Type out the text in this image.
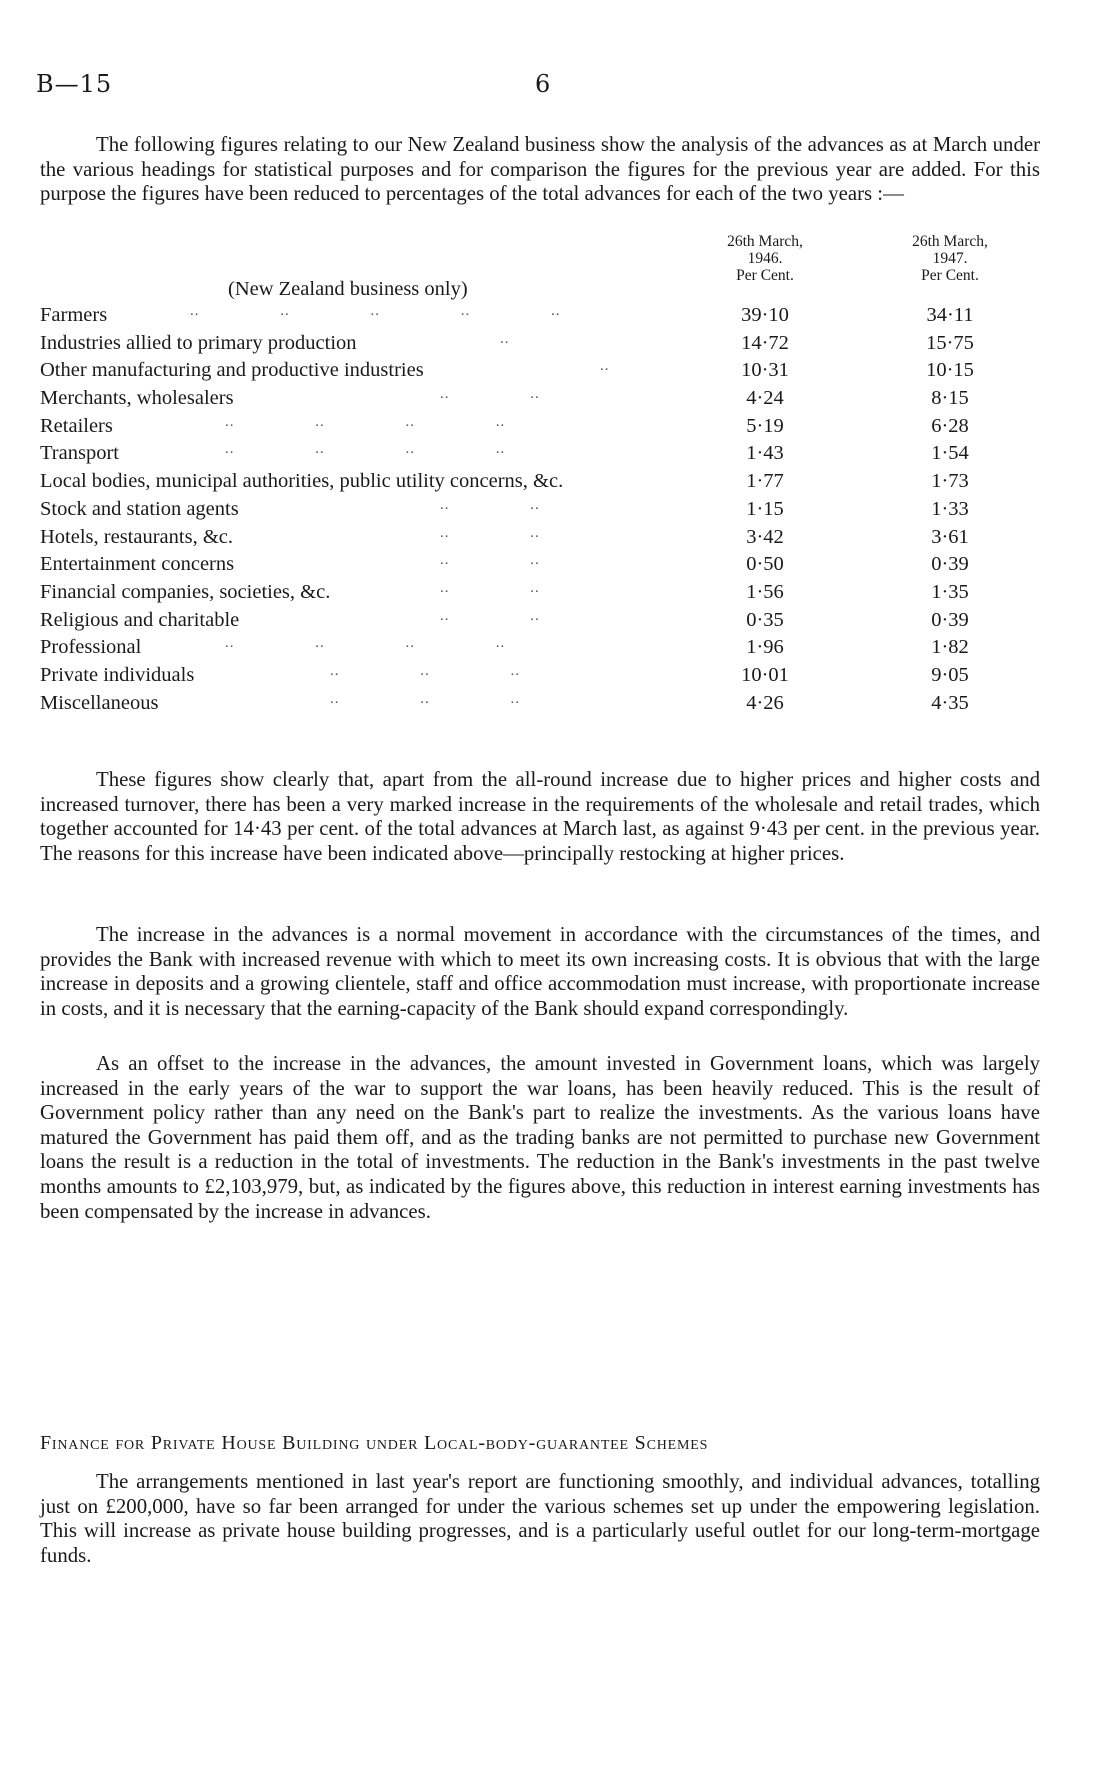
B—15	6

The following figures relating to our New Zealand business show the analysis of the advances as at March under the various headings for statistical purposes and for comparison the figures for the previous year are added. For this purpose the figures have been reduced to percentages of the total advances for each of the two years :—

26th March,
1946.
Per Cent.
26th March,
1947.
Per Cent.
(New Zealand business only)
Farmers	..                 ..                 ..                 ..                 ..	39·10	34·11
Industries allied to primary production	..	14·72	15·75
Other manufacturing and productive industries	..	10·31	10·15
Merchants, wholesalers	..                 ..	4·24	8·15
Retailers	..                 ..                 ..                 ..	5·19	6·28
Transport	..                 ..                 ..                 ..	1·43	1·54
Local bodies, municipal authorities, public utility concerns, &c.	1·77	1·73
Stock and station agents	..                 ..	1·15	1·33
Hotels, restaurants, &c.	..                 ..	3·42	3·61
Entertainment concerns	..                 ..	0·50	0·39
Financial companies, societies, &c.	..                 ..	1·56	1·35
Religious and charitable	..                 ..	0·35	0·39
Professional	..                 ..                 ..                 ..	1·96	1·82
Private individuals	..                 ..                 ..	10·01	9·05
Miscellaneous	..                 ..                 ..	4·26	4·35

These figures show clearly that, apart from the all-round increase due to higher prices and higher costs and increased turnover, there has been a very marked increase in the requirements of the wholesale and retail trades, which together accounted for 14·43 per cent. of the total advances at March last, as against 9·43 per cent. in the previous year. The reasons for this increase have been indicated above—principally restocking at higher prices.

The increase in the advances is a normal movement in accordance with the circumstances of the times, and provides the Bank with increased revenue with which to meet its own increasing costs. It is obvious that with the large increase in deposits and a growing clientele, staff and office accommodation must increase, with proportionate increase in costs, and it is necessary that the earning-capacity of the Bank should expand correspondingly.

As an offset to the increase in the advances, the amount invested in Government loans, which was largely increased in the early years of the war to support the war loans, has been heavily reduced. This is the result of Government policy rather than any need on the Bank's part to realize the investments. As the various loans have matured the Government has paid them off, and as the trading banks are not permitted to purchase new Government loans the result is a reduction in the total of investments. The reduction in the Bank's investments in the past twelve months amounts to £2,103,979, but, as indicated by the figures above, this reduction in interest earning investments has been compensated by the increase in advances.

Finance for Private House Building under Local-body-guarantee Schemes

The arrangements mentioned in last year's report are functioning smoothly, and individual advances, totalling just on £200,000, have so far been arranged for under the various schemes set up under the empowering legislation. This will increase as private house building progresses, and is a particularly useful outlet for our long-term-mortgage funds.
